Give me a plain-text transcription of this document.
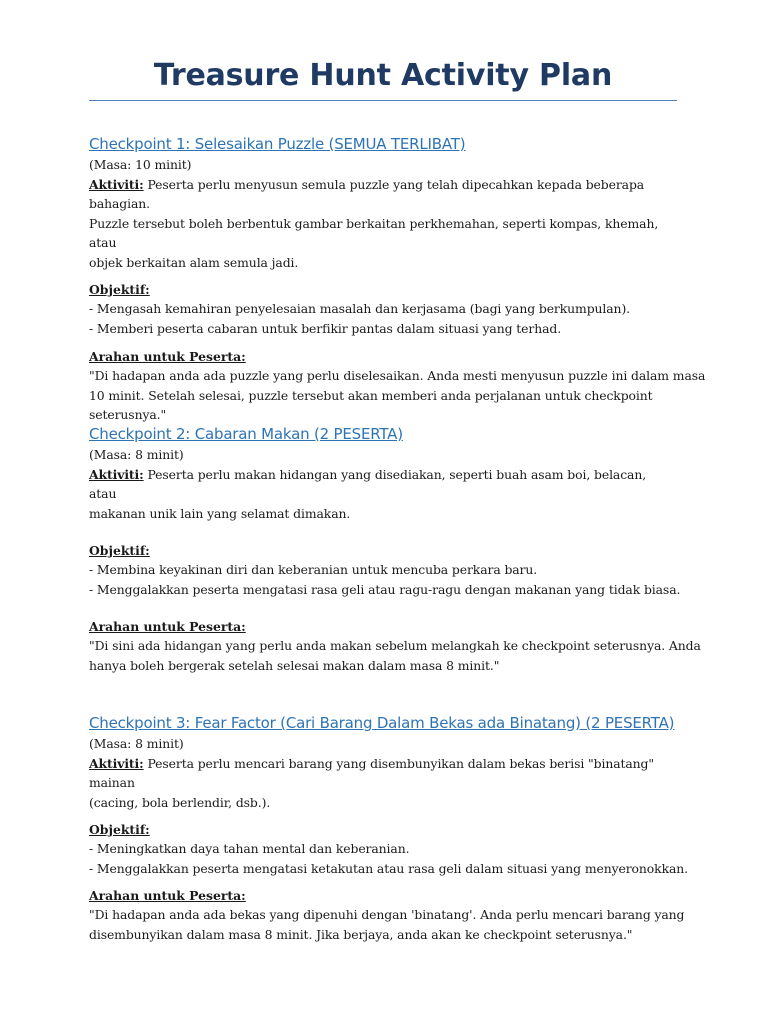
Treasure Hunt Activity Plan

Checkpoint 1: Selesaikan Puzzle (SEMUA TERLIBAT)

(Masa: 10 minit)

Aktiviti: Peserta perlu menyusun semula puzzle yang telah dipecahkan kepada beberapa bahagian.

Puzzle tersebut boleh berbentuk gambar berkaitan perkhemahan, seperti kompas, khemah, atau

objek berkaitan alam semula jadi.

Objektif:

- Mengasah kemahiran penyelesaian masalah dan kerjasama (bagi yang berkumpulan).

- Memberi peserta cabaran untuk berfikir pantas dalam situasi yang terhad.

Arahan untuk Peserta:

"Di hadapan anda ada puzzle yang perlu diselesaikan. Anda mesti menyusun puzzle ini dalam masa

10 minit. Setelah selesai, puzzle tersebut akan memberi anda perjalanan untuk checkpoint

seterusnya."

Checkpoint 2: Cabaran Makan (2 PESERTA)

(Masa: 8 minit)

Aktiviti: Peserta perlu makan hidangan yang disediakan, seperti buah asam boi, belacan, atau

makanan unik lain yang selamat dimakan.

Objektif:

- Membina keyakinan diri dan keberanian untuk mencuba perkara baru.

- Menggalakkan peserta mengatasi rasa geli atau ragu-ragu dengan makanan yang tidak biasa.

Arahan untuk Peserta:

"Di sini ada hidangan yang perlu anda makan sebelum melangkah ke checkpoint seterusnya. Anda

hanya boleh bergerak setelah selesai makan dalam masa 8 minit."

Checkpoint 3: Fear Factor (Cari Barang Dalam Bekas ada Binatang) (2 PESERTA)

(Masa: 8 minit)

Aktiviti: Peserta perlu mencari barang yang disembunyikan dalam bekas berisi "binatang" mainan

(cacing, bola berlendir, dsb.).

Objektif:

- Meningkatkan daya tahan mental dan keberanian.

- Menggalakkan peserta mengatasi ketakutan atau rasa geli dalam situasi yang menyeronokkan.

Arahan untuk Peserta:

"Di hadapan anda ada bekas yang dipenuhi dengan 'binatang'. Anda perlu mencari barang yang

disembunyikan dalam masa 8 minit. Jika berjaya, anda akan ke checkpoint seterusnya."
